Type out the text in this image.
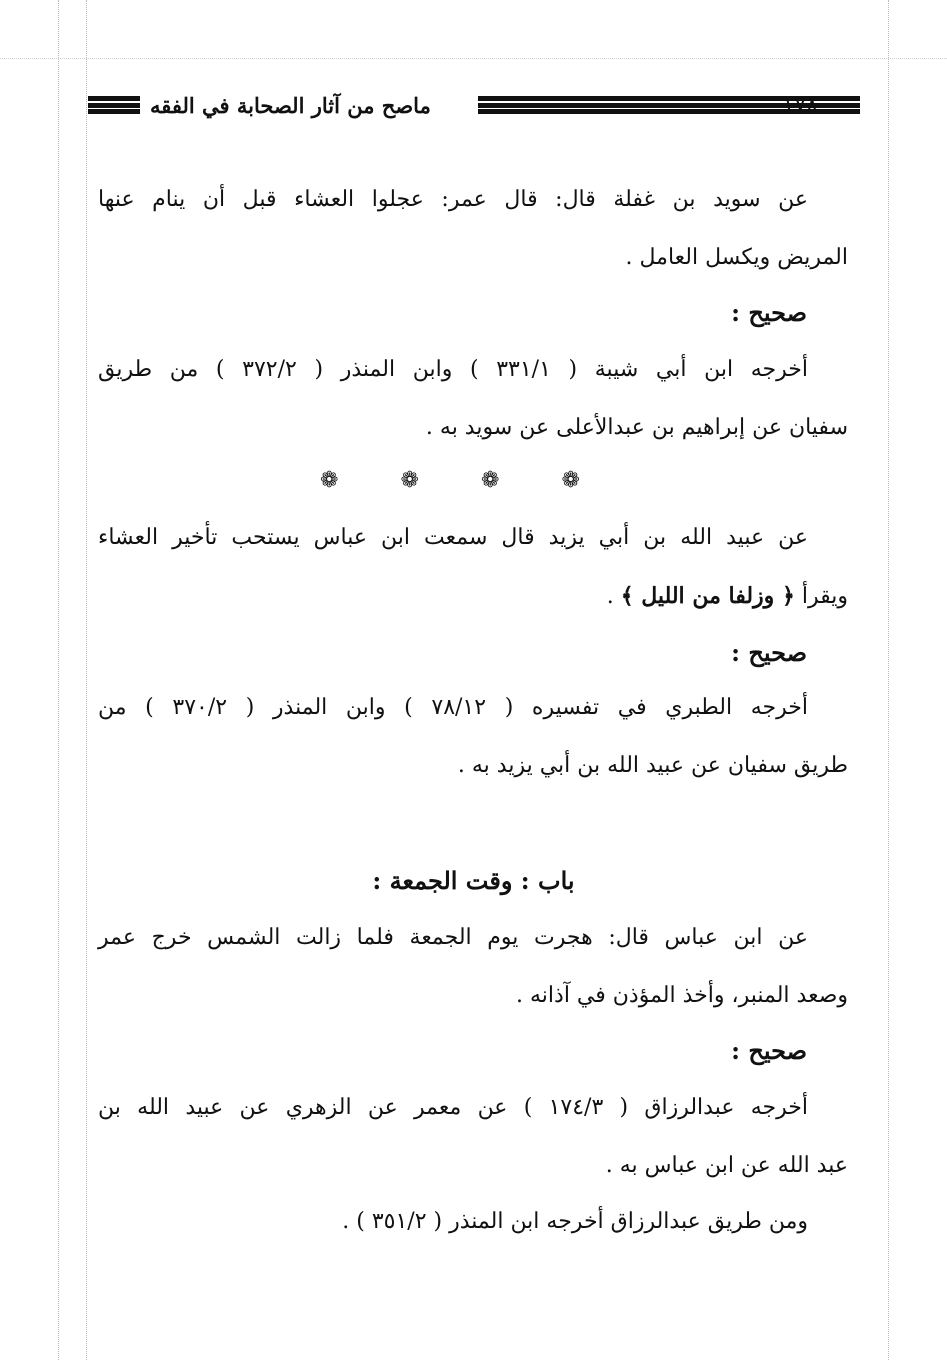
ماصح من آثار الصحابة في الفقه	١٧٨
عن سويد بن غفلة قال: قال عمر: عجلوا العشاء قبل أن ينام عنها
المريض ويكسل العامل .
صحيح :
أخرجه ابن أبي شيبة ( ٣٣١/١ ) وابن المنذر ( ٣٧٢/٢ ) من طريق
سفيان عن إبراهيم بن عبدالأعلى عن سويد به .
❁	❁	❁	❁
عن عبيد الله بن أبي يزيد قال سمعت ابن عباس يستحب تأخير العشاء
ويقرأ ﴿ وزلفا من الليل ﴾ .
صحيح :
أخرجه الطبري في تفسيره ( ٧٨/١٢ ) وابن المنذر ( ٣٧٠/٢ ) من
طريق سفيان عن عبيد الله بن أبي يزيد به .
باب : وقت الجمعة :
عن ابن عباس قال: هجرت يوم الجمعة فلما زالت الشمس خرج عمر
وصعد المنبر، وأخذ المؤذن في آذانه .
صحيح :
أخرجه عبدالرزاق ( ١٧٤/٣ ) عن معمر عن الزهري عن عبيد الله بن
عبد الله عن ابن عباس به .
ومن طريق عبدالرزاق أخرجه ابن المنذر ( ٣٥١/٢ ) .
